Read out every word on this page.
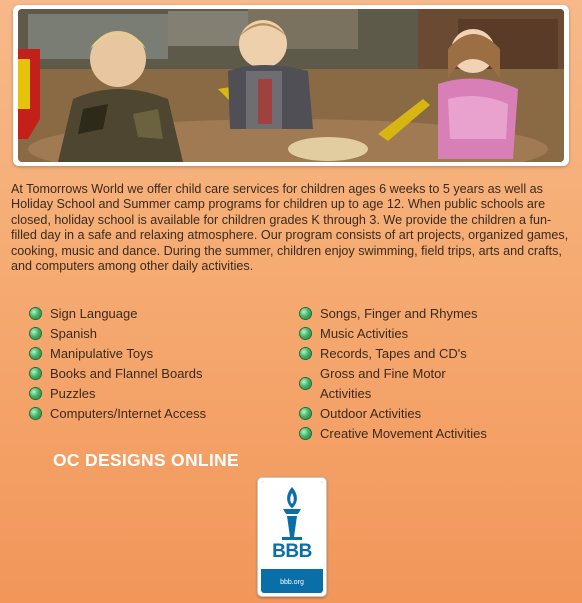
At Tomorrows World we offer child care services for children ages 6 weeks to 5 years as well as Holiday School and Summer camp programs for children up to age 12. When public schools are closed, holiday school is available for children grades K through 3. We provide the children a fun-filled day in a safe and relaxing atmosphere. Our program consists of art projects, organized games, cooking, music and dance. During the summer, children enjoy swimming, field trips, arts and crafts, and computers among other daily activities.

Sign Language
Spanish
Manipulative Toys
Books and Flannel Boards
Puzzles
Computers/Internet Access
Songs, Finger and Rhymes
Music Activities
Records, Tapes and CD's
Gross and Fine Motor Activities
Outdoor Activities
Creative Movement Activities
OC DESIGNS ONLINE
BBB
bbb.org
